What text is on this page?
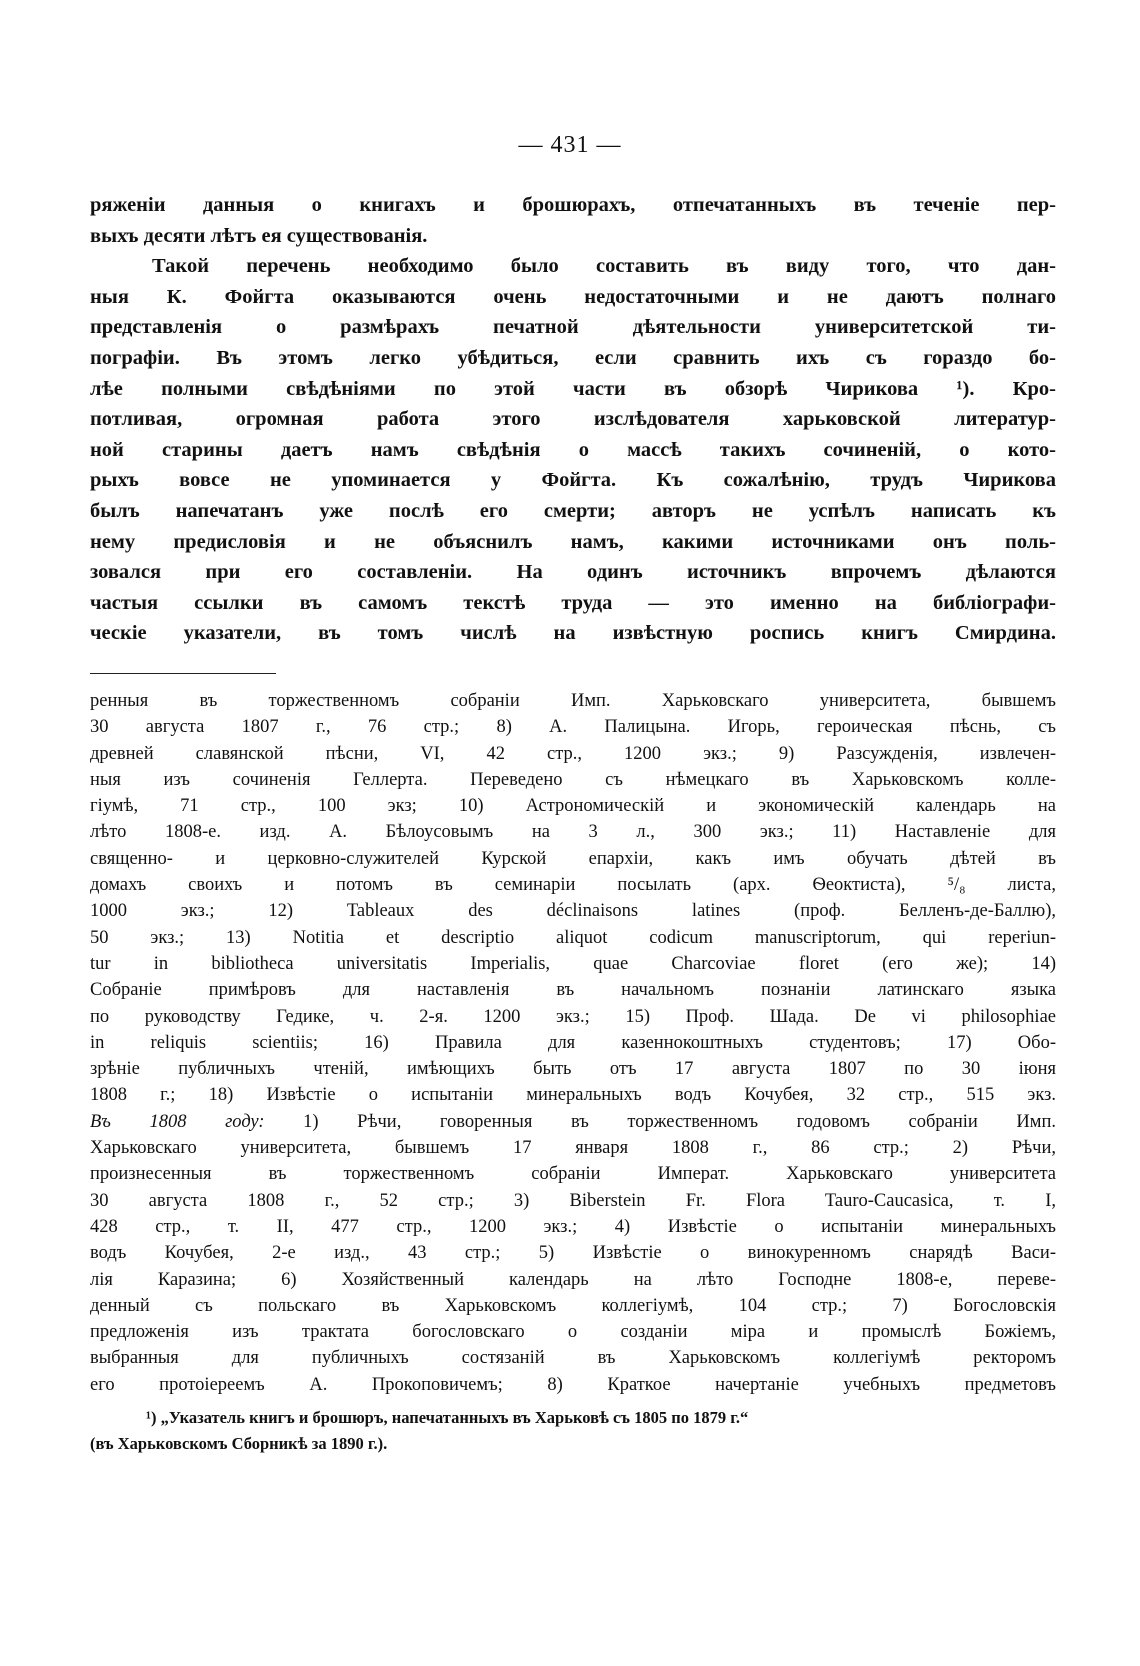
— 431 —
ряженіи данныя о книгахъ и брошюрахъ, отпечатанныхъ въ теченіе пер-
выхъ десяти лѣтъ ея существованія.
Такой перечень необходимо было составить въ виду того, что дан-
ныя К. Фойгта оказываются очень недостаточными и не даютъ полнаго
представленія о размѣрахъ печатной дѣятельности университетской ти-
пографіи. Въ этомъ легко убѣдиться, если сравнить ихъ съ гораздо бо-
лѣе полными свѣдѣніями по этой части въ обзорѣ Чирикова ¹). Кро-
потливая, огромная работа этого изслѣдователя харьковской литератур-
ной старины даетъ намъ свѣдѣнія о массѣ такихъ сочиненій, о кото-
рыхъ вовсе не упоминается у Фойгта. Къ сожалѣнію, трудъ Чирикова
былъ напечатанъ уже послѣ его смерти; авторъ не успѣлъ написать къ
нему предисловія и не объяснилъ намъ, какими источниками онъ поль-
зовался при его составленіи. На одинъ источникъ впрочемъ дѣлаются
частыя ссылки въ самомъ текстѣ труда — это именно на библіографи-
ческіе указатели, въ томъ числѣ на извѣстную роспись книгъ Смирдина.
ренныя въ торжественномъ собраніи Имп. Харьковскаго университета, бывшемъ
30 августа 1807 г., 76 стр.; 8) А. Палицына. Игорь, героическая пѣснь, съ
древней славянской пѣсни, VI, 42 стр., 1200 экз.; 9) Разсужденія, извлечен-
ныя изъ сочиненія Геллерта. Переведено съ нѣмецкаго въ Харьковскомъ колле-
гіумѣ, 71 стр., 100 экз; 10) Астрономическій и экономическій календарь на
лѣто 1808-е. изд. А. Бѣлоусовымъ на 3 л., 300 экз.; 11) Наставленіе для
священно- и церковно-служителей Курской епархіи, какъ имъ обучать дѣтей въ
домахъ своихъ и потомъ въ семинаріи посылать (арх. Ѳеоктиста), ⁵/₈ листа,
1000 экз.; 12) Tableaux des déclinaisons latines (проф. Белленъ-де-Баллю),
50 экз.; 13) Notitia et descriptio aliquot codicum manuscriptorum, qui reperiun-
tur in bibliotheca universitatis Imperialis, quae Charcoviae floret (его же); 14)
Собраніе примѣровъ для наставленія въ начальномъ познаніи латинскаго языка
по руководству Гедике, ч. 2-я. 1200 экз.; 15) Проф. Шада. De vi philosophiae
in reliquis scientiis; 16) Правила для казеннокоштныхъ студентовъ; 17) Обо-
зрѣніе публичныхъ чтеній, имѣющихъ быть отъ 17 августа 1807 по 30 іюня
1808 г.; 18) Извѣстіе о испытаніи минеральныхъ водъ Кочубея, 32 стр., 515 экз.
Въ 1808 году: 1) Рѣчи, говоренныя въ торжественномъ годовомъ собраніи Имп.
Харьковскаго университета, бывшемъ 17 января 1808 г., 86 стр.; 2) Рѣчи,
произнесенныя въ торжественномъ собраніи Императ. Харьковскаго университета
30 августа 1808 г., 52 стр.; 3) Biberstein Fr. Flora Tauro-Caucasica, т. I,
428 стр., т. II, 477 стр., 1200 экз.; 4) Извѣстіе о испытаніи минеральныхъ
водъ Кочубея, 2-е изд., 43 стр.; 5) Извѣстіе о винокуренномъ снарядѣ Васи-
лія Каразина; 6) Хозяйственный календарь на лѣто Господне 1808-е, переве-
денный съ польскаго въ Харьковскомъ коллегіумѣ, 104 стр.; 7) Богословскія
предложенія изъ трактата богословскаго о созданіи міра и промыслѣ Божіемъ,
выбранныя для публичныхъ состязаній въ Харьковскомъ коллегіумѣ ректоромъ
его протоіереемъ А. Прокоповичемъ; 8) Краткое начертаніе учебныхъ предметовъ
¹) „Указатель книгъ и брошюръ, напечатанныхъ въ Харьковѣ съ 1805 по 1879 г.“
(въ Харьковскомъ Сборникѣ за 1890 г.).
